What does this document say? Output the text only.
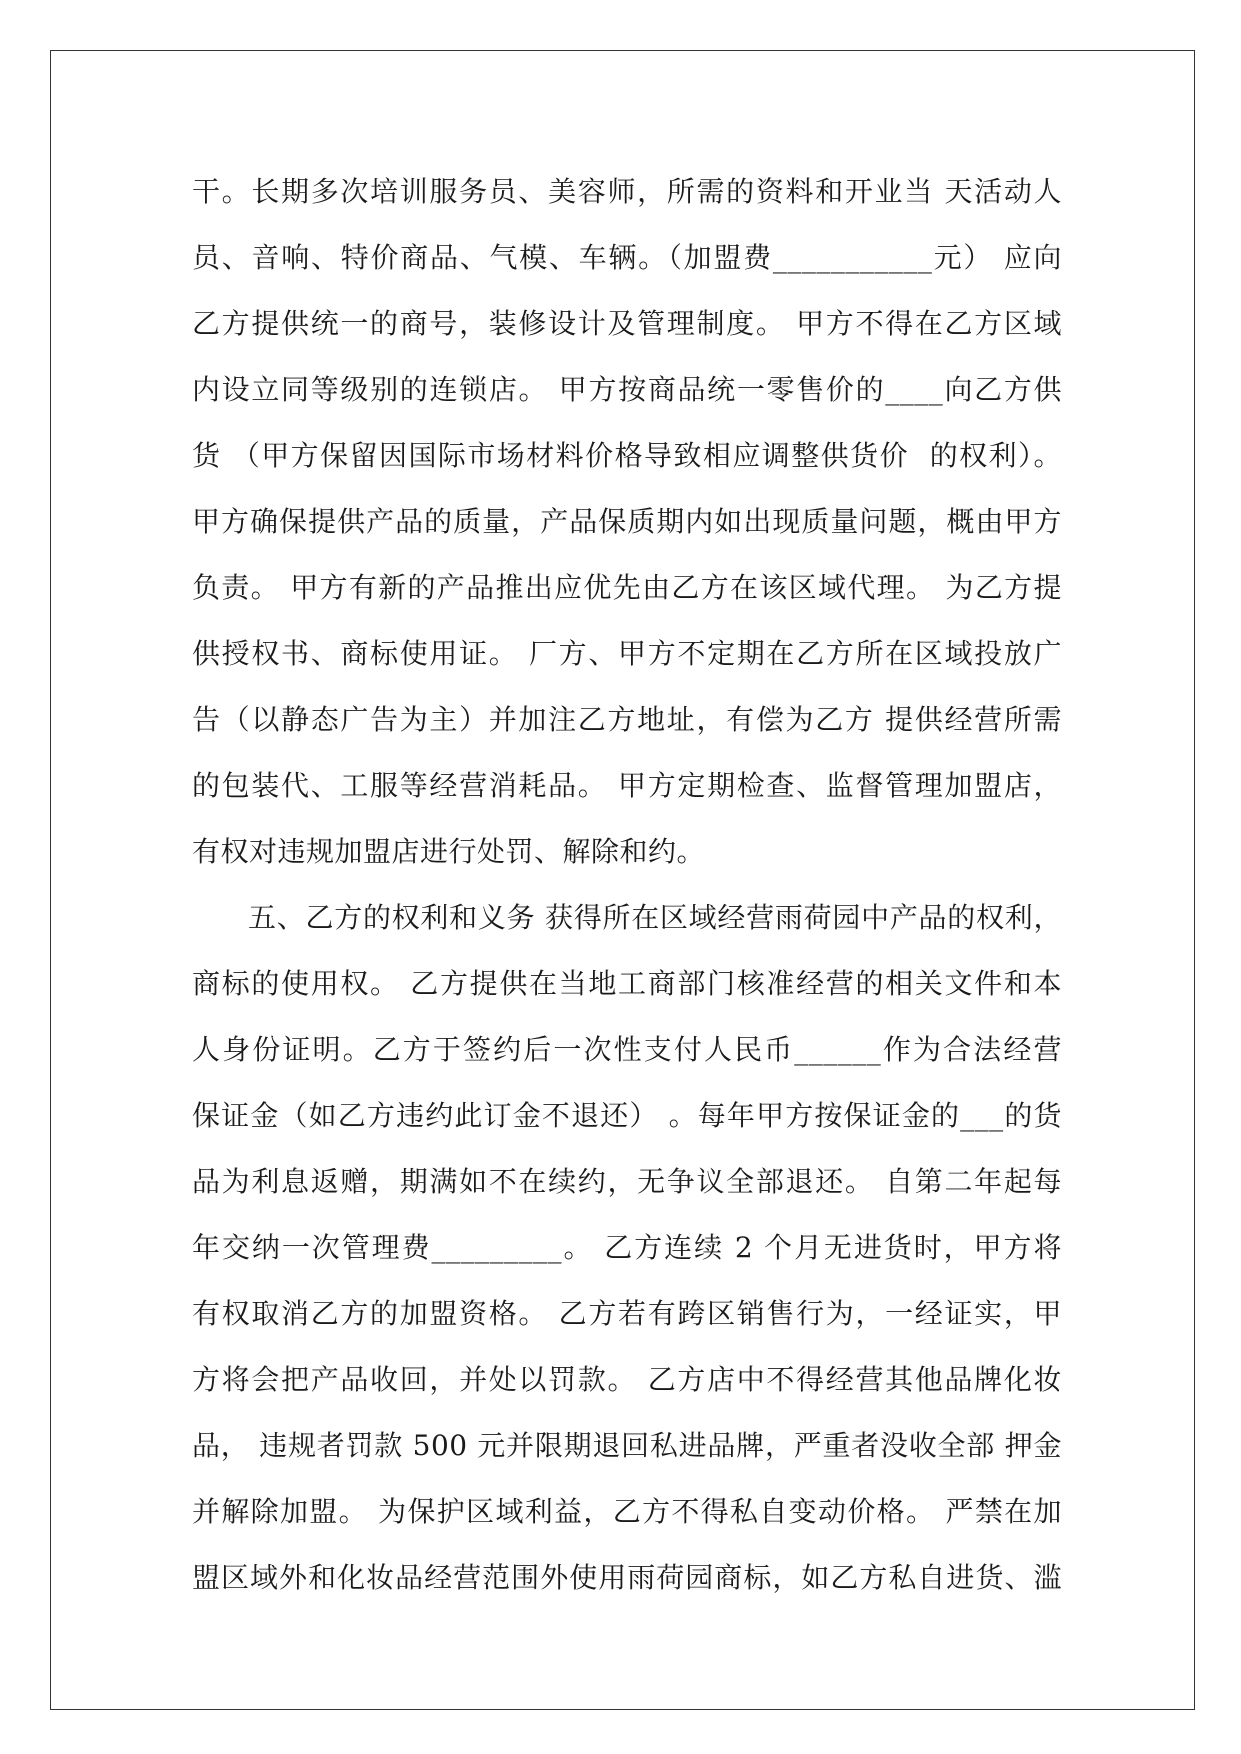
干。长期多次培训服务员、美容师，所需的资料和开业当 天活动人
员、音响、特价商品、气模、车辆。（加盟费___________元） 应向
乙方提供统一的商号，装修设计及管理制度。 甲方不得在乙方区域
内设立同等级别的连锁店。 甲方按商品统一零售价的____向乙方供
货 （甲方保留因国际市场材料价格导致相应调整供货价  的权利）。
甲方确保提供产品的质量，产品保质期内如出现质量问题，概由甲方
负责。 甲方有新的产品推出应优先由乙方在该区域代理。 为乙方提
供授权书、商标使用证。 厂方、甲方不定期在乙方所在区域投放广
告（以静态广告为主）并加注乙方地址，有偿为乙方 提供经营所需
的包装代、工服等经营消耗品。 甲方定期检查、监督管理加盟店，
有权对违规加盟店进行处罚、解除和约。
五、乙方的权利和义务 获得所在区域经营雨荷园中产品的权利，
商标的使用权。 乙方提供在当地工商部门核准经营的相关文件和本
人身份证明。乙方于签约后一次性支付人民币______作为合法经营
保证金（如乙方违约此订金不退还） 。每年甲方按保证金的___的货
品为利息返赠，期满如不在续约，无争议全部退还。 自第二年起每
年交纳一次管理费_________。 乙方连续 2 个月无进货时，甲方将
有权取消乙方的加盟资格。 乙方若有跨区销售行为，一经证实，甲
方将会把产品收回，并处以罚款。 乙方店中不得经营其他品牌化妆
品， 违规者罚款 500 元并限期退回私进品牌，严重者没收全部 押金
并解除加盟。 为保护区域利益，乙方不得私自变动价格。 严禁在加
盟区域外和化妆品经营范围外使用雨荷园商标，如乙方私自进货、滥
